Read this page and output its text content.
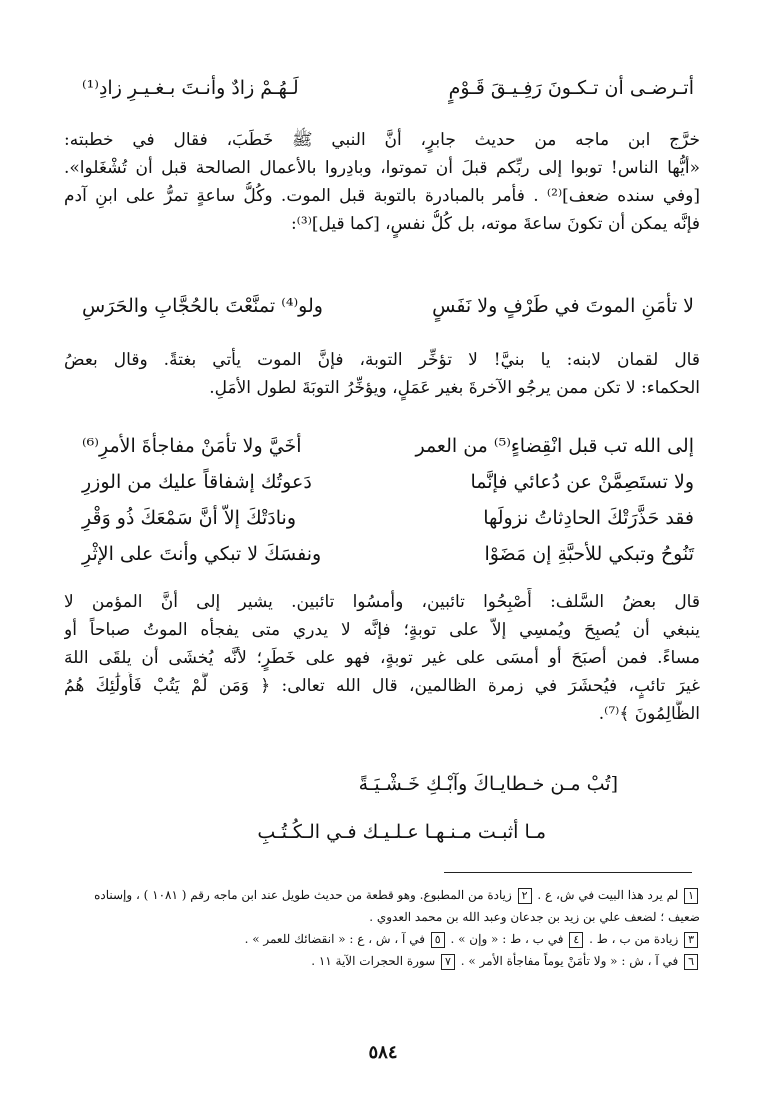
أتـرضـى أن تـكـونَ رَفِـيـقَ قَـوْمٍ
لَـهُـمْ زادٌ وأنـتَ بـغـيـرِ زادِ⁽¹⁾
خرَّج ابن ماجه من حديث جابرٍ، أنَّ النبي ﷺ خَطَبَ، فقال في خطبته:
«أيُّها الناس! توبوا إلى ربِّكم قبلَ أن تموتوا، وبادِروا بالأعمال الصالحة قبل أن تُشْغَلوا».
[وفي سنده ضعف]⁽²⁾ . فأمر بالمبادرة بالتوبة قبل الموت. وكُلُّ ساعةٍ تمرُّ على ابنِ آدم
فإنَّه يمكن أن تكونَ ساعةَ موته، بل كُلُّ نفسٍ، [كما قيل]⁽³⁾:
لا تأمَنِ الموتَ في طَرْفٍ ولا نَفَسٍ
ولو⁽⁴⁾ تمنَّعْتَ بالحُجَّابِ والحَرَسِ
قال لقمان لابنه: يا بنيَّ! لا تؤخِّر التوبة، فإنَّ الموت يأتي بغتةً. وقال بعضُ
الحكماء: لا تكن ممن يرجُو الآخرةَ بغير عَمَلٍ، ويؤخِّرُ التوبَةَ لطول الأمَلِ.
إلى الله تب قبل انْقِضاءٍ⁽⁵⁾ من العمر
أخَيَّ ولا تأمَنْ مفاجأةَ الأمرِ⁽⁶⁾
ولا تستَصِمَّنْ عن دُعائي فإنَّما
دَعوتُك إشفاقاً عليك من الوزرِ
فقد حَذَّرَتْكَ الحادِثاتُ نزولَها
ونادَتْكَ إلاّ أنَّ سَمْعَكَ ذُو وَقْرِ
تَنُوحُ وتبكي للأحبَّةِ إن مَضَوْا
ونفسَكَ لا تبكي وأنتَ على الإثْرِ
قال بعضُ السَّلف: أَصْبِحُوا تائبين، وأمسُوا تائبين. يشير إلى أنَّ المؤمن لا
ينبغي أن يُصبِحَ ويُمسِي إلاّ على توبةٍ؛ فإنَّه لا يدري متى يفجأه الموتُ صباحاً أو
مساءً. فمن أصبَحَ أو أمسَى على غير توبةٍ، فهو على خَطَرٍ؛ لأنَّه يُخشَى أن يلقَى اللهَ
غيرَ تائبٍ، فيُحشَرَ في زمرة الظالمين، قال الله تعالى: ﴿ وَمَن لَّمْ يَتُبْ فَأُولَٰئِكَ هُمُ
الظَّالِمُونَ ﴾⁽⁷⁾.
[تُبْ مـن خـطايـاكَ وآبْـكِ خَـشْـيَـةً
مـا أثبـت مـنـهـا عـلـيـك فـي الـكُـتُـبِ
١ لم يرد هذا البيت في ش، ع . ٢ زيادة من المطبوع. وهو قطعة من حديث طويل عند ابن ماجه رقم ( ١٠٨١ ) ، وإسناده ضعيف ؛ لضعف علي بن زيد بن جدعان وعبد الله بن محمد العدوي .
٣ زيادة من ب ، ط . ٤ في ب ، ط : « وإن » . ٥ في آ ، ش ، ع : « انقضائك للعمر » .
٦ في آ ، ش : « ولا تأمَنْ يوماً مفاجأة الأمر » . ٧ سورة الحجرات الآية ١١ .
٥٨٤
